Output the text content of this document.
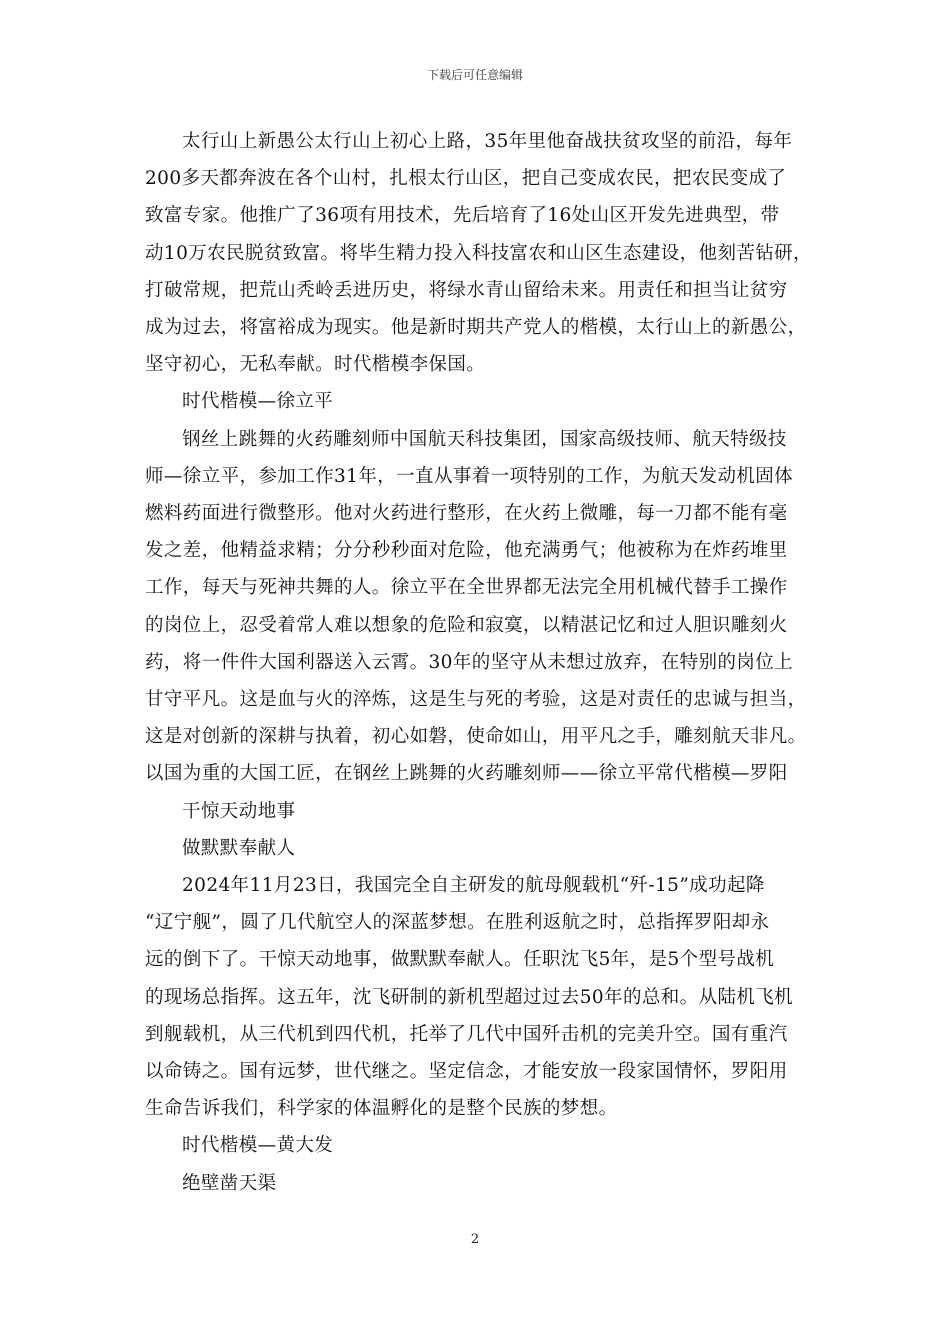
下载后可任意编辑

太行山上新愚公太行山上初心上路，35年里他奋战扶贫攻坚的前沿，每年
200多天都奔波在各个山村，扎根太行山区，把自己变成农民，把农民变成了
致富专家。他推广了36项有用技术，先后培育了16处山区开发先进典型，带
动10万农民脱贫致富。将毕生精力投入科技富农和山区生态建设，他刻苦钻研，
打破常规，把荒山秃岭丢进历史，将绿水青山留给未来。用责任和担当让贫穷
成为过去，将富裕成为现实。他是新时期共产党人的楷模，太行山上的新愚公，
坚守初心，无私奉献。时代楷模李保国。

时代楷模—徐立平

钢丝上跳舞的火药雕刻师中国航天科技集团，国家高级技师、航天特级技
师—徐立平，参加工作31年，一直从事着一项特别的工作，为航天发动机固体
燃料药面进行微整形。他对火药进行整形，在火药上微雕，每一刀都不能有毫
发之差，他精益求精；分分秒秒面对危险，他充满勇气；他被称为在炸药堆里
工作，每天与死神共舞的人。徐立平在全世界都无法完全用机械代替手工操作
的岗位上，忍受着常人难以想象的危险和寂寞，以精湛记忆和过人胆识雕刻火
药，将一件件大国利器送入云霄。30年的坚守从未想过放弃，在特别的岗位上
甘守平凡。这是血与火的淬炼，这是生与死的考验，这是对责任的忠诚与担当，
这是对创新的深耕与执着，初心如磐，使命如山，用平凡之手，雕刻航天非凡。
以国为重的大国工匠，在钢丝上跳舞的火药雕刻师——徐立平常代楷模—罗阳

干惊天动地事

做默默奉献人

2024年11月23日，我国完全自主研发的航母舰载机“歼-15”成功起降
“辽宁舰”，圆了几代航空人的深蓝梦想。在胜利返航之时，总指挥罗阳却永
远的倒下了。干惊天动地事，做默默奉献人。任职沈飞5年，是5个型号战机
的现场总指挥。这五年，沈飞研制的新机型超过过去50年的总和。从陆机飞机
到舰载机，从三代机到四代机，托举了几代中国歼击机的完美升空。国有重汽
以命铸之。国有远梦，世代继之。坚定信念，才能安放一段家国情怀，罗阳用
生命告诉我们，科学家的体温孵化的是整个民族的梦想。

时代楷模—黄大发

绝壁凿天渠

2
